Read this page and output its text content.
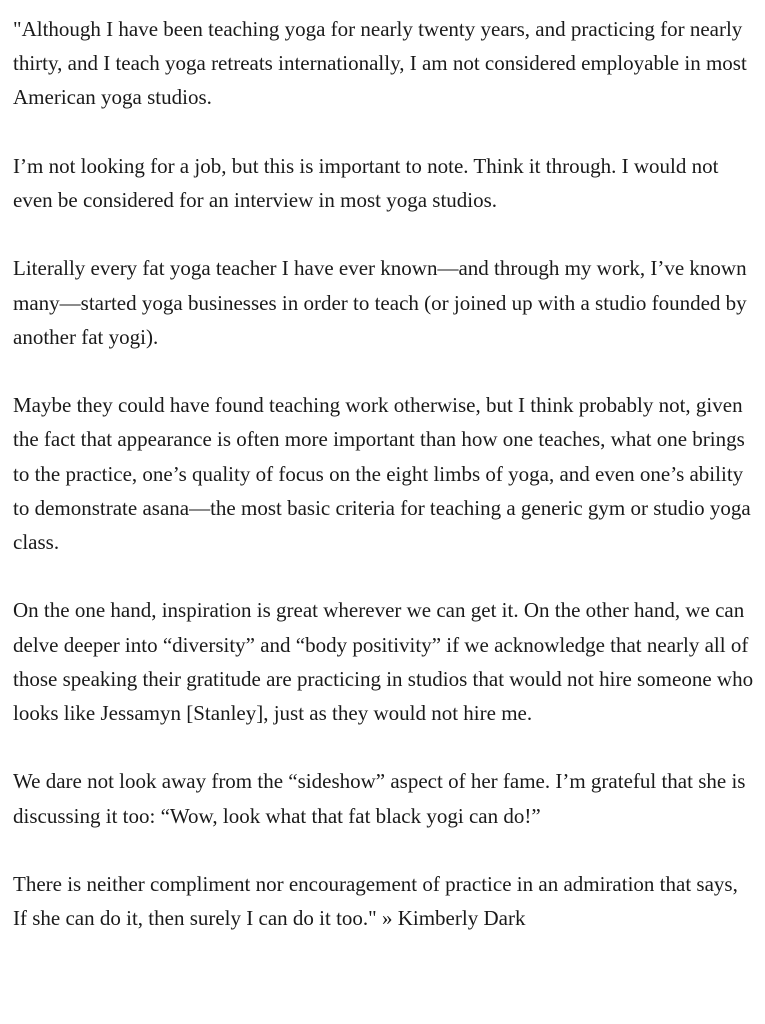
"Although I have been teaching yoga for nearly twenty years, and practicing for nearly thirty, and I teach yoga retreats internationally, I am not considered employable in most American yoga studios.

I’m not looking for a job, but this is important to note. Think it through. I would not even be considered for an interview in most yoga studios.

Literally every fat yoga teacher I have ever known—and through my work, I’ve known many—started yoga businesses in order to teach (or joined up with a studio founded by another fat yogi).

Maybe they could have found teaching work otherwise, but I think probably not, given the fact that appearance is often more important than how one teaches, what one brings to the practice, one’s quality of focus on the eight limbs of yoga, and even one’s ability to demonstrate asana—the most basic criteria for teaching a generic gym or studio yoga class.

On the one hand, inspiration is great wherever we can get it. On the other hand, we can delve deeper into “diversity” and “body positivity” if we acknowledge that nearly all of those speaking their gratitude are practicing in studios that would not hire someone who looks like Jessamyn [Stanley], just as they would not hire me.

We dare not look away from the “sideshow” aspect of her fame. I’m grateful that she is discussing it too: “Wow, look what that fat black yogi can do!”

There is neither compliment nor encouragement of practice in an admiration that says, If she can do it, then surely I can do it too." » Kimberly Dark
